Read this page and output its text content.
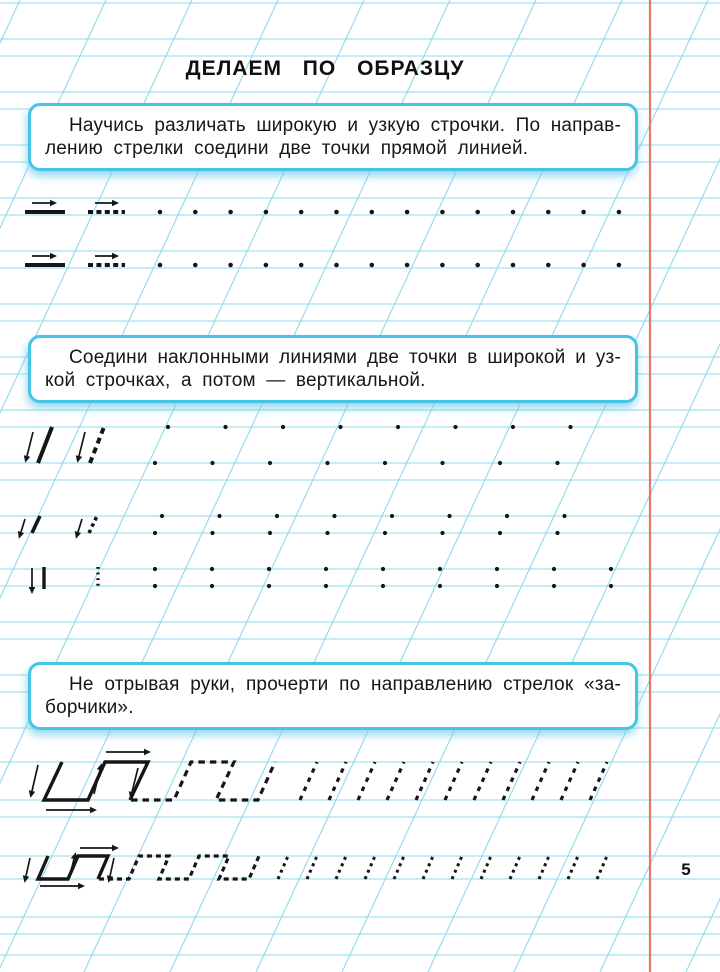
ДЕЛАЕМ ПО ОБРАЗЦУ
Научись различать широкую и узкую строчки. По направ-
лению стрелки соедини две точки прямой линией.
Соедини наклонными линиями две точки в широкой и уз-
кой строчках, а потом — вертикальной.
Не отрывая руки, прочерти по направлению стрелок «за-
борчики».
5
